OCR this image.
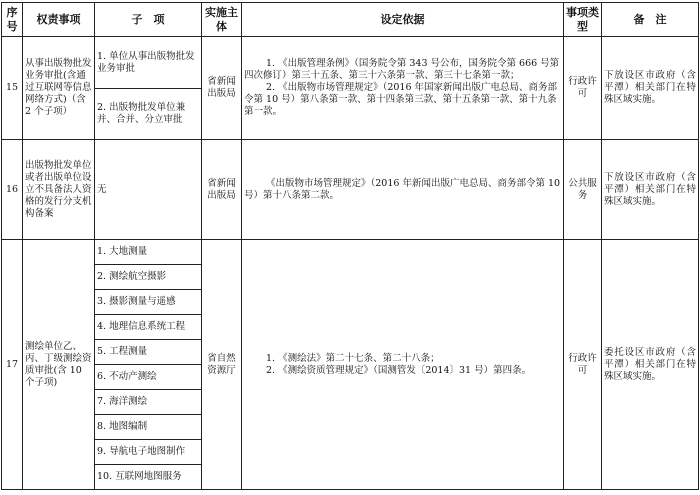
序号	权责事项	子　项	实施主体	设定依据	事项类型	备　注
15	从事出版物批发业务审批(含通过互联网等信息网络方式)（含 2 个子项）	1. 单位从事出版物批发业务审批	省新闻出版局	1. 《出版管理条例》（国务院令第 343 号公布，国务院令第 666 号第四次修订）第三十五条、第三十六条第一款、第三十七条第一款；
2. 《出版物市场管理规定》（2016 年国家新闻出版广电总局、商务部令第 10 号）第八条第一款、第十四条第三款、第十五条第一款、第十九条第一款。	行政许可	下放设区市政府（含平潭）相关部门在特殊区域实施。
		2. 出版物批发单位兼并、合并、分立审批				
16	出版物批发单位或者出版单位设立不具备法人资格的发行分支机构备案	无	省新闻出版局	《出版物市场管理规定》（2016 年新闻出版广电总局、商务部令第 10 号）第十八条第二款。	公共服务	下放设区市政府（含平潭）相关部门在特殊区域实施。
17	测绘单位乙、丙、丁级测绘资质审批(含 10 个子项)	1. 大地测量	省自然资源厅	1. 《测绘法》第二十七条、第二十八条；
2. 《测绘资质管理规定》（国测管发〔2014〕31 号）第四条。	行政许可	委托设区市政府（含平潭）相关部门在特殊区域实施。
		2. 测绘航空摄影				
		3. 摄影测量与遥感				
		4. 地理信息系统工程				
		5. 工程测量				
		6. 不动产测绘				
		7. 海洋测绘				
		8. 地图编制				
		9. 导航电子地图制作				
		10. 互联网地图服务				
